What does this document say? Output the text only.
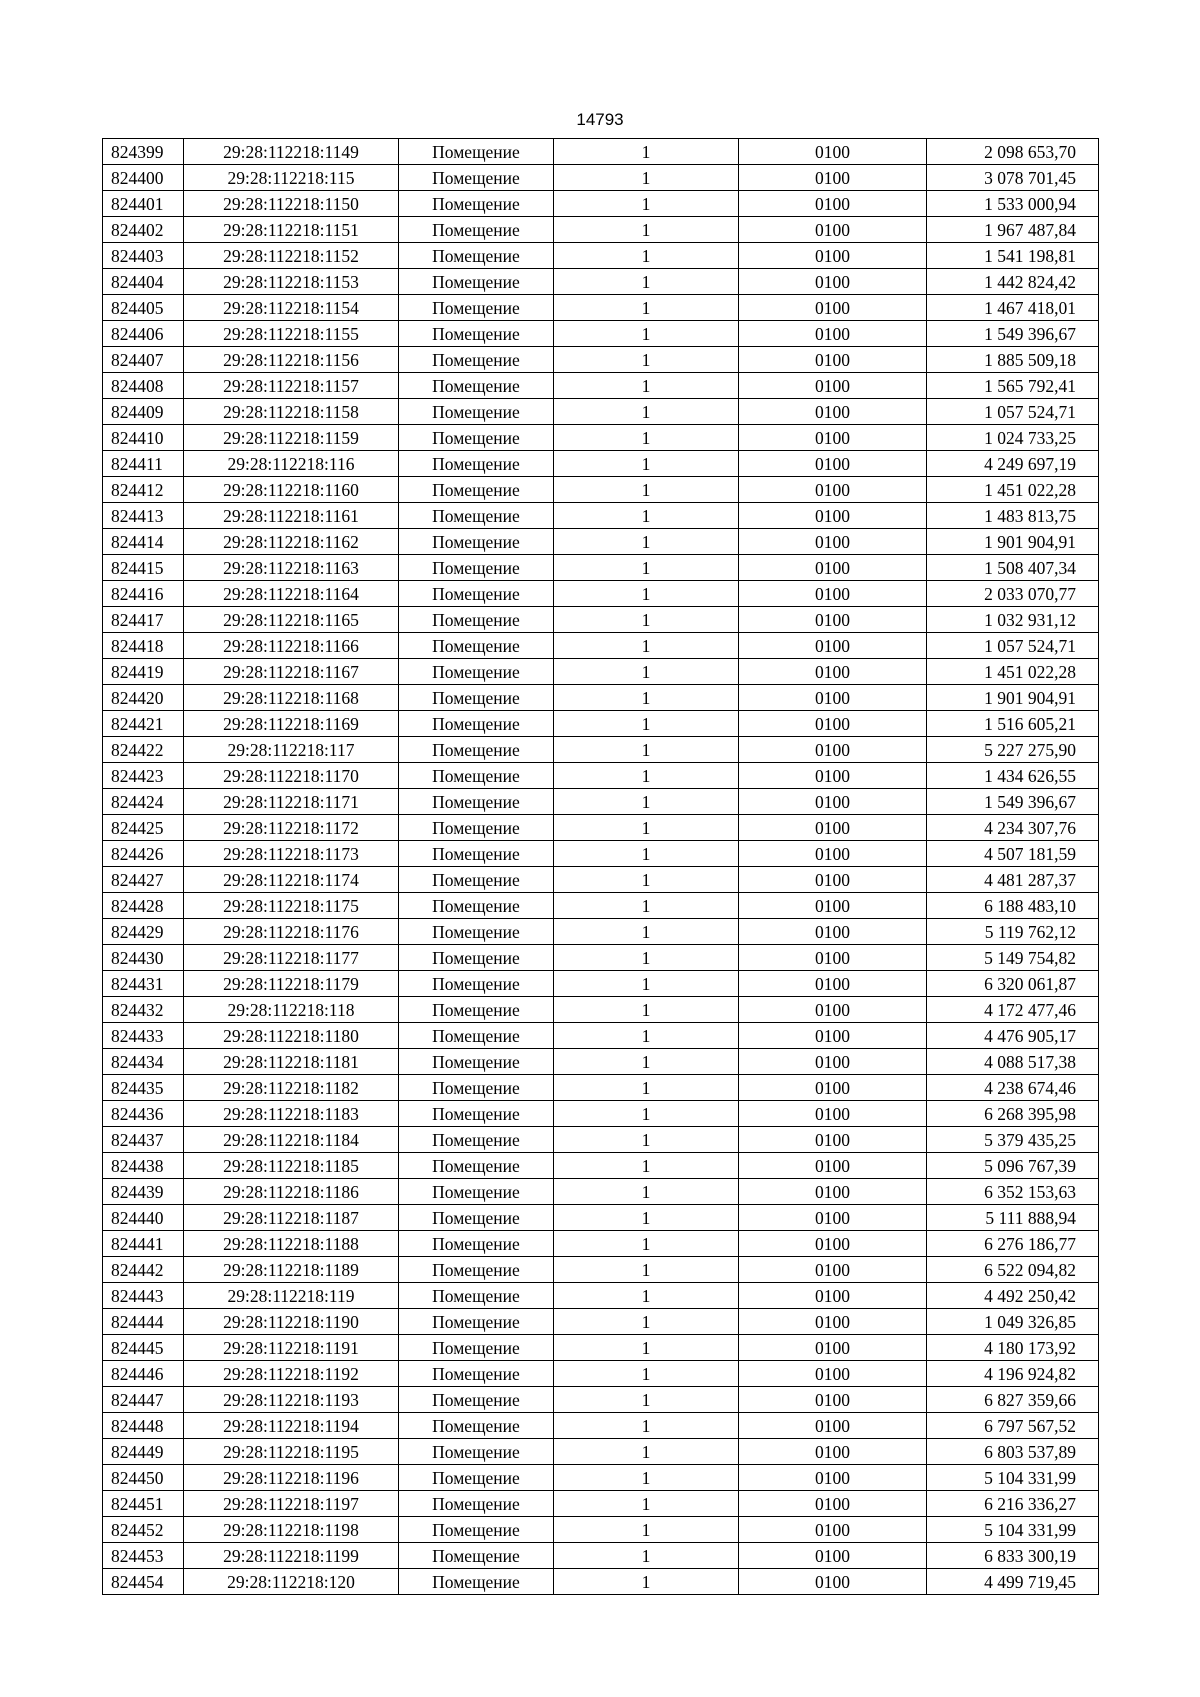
14793
824399	29:28:112218:1149	Помещение	1	0100	2 098 653,70
824400	29:28:112218:115	Помещение	1	0100	3 078 701,45
824401	29:28:112218:1150	Помещение	1	0100	1 533 000,94
824402	29:28:112218:1151	Помещение	1	0100	1 967 487,84
824403	29:28:112218:1152	Помещение	1	0100	1 541 198,81
824404	29:28:112218:1153	Помещение	1	0100	1 442 824,42
824405	29:28:112218:1154	Помещение	1	0100	1 467 418,01
824406	29:28:112218:1155	Помещение	1	0100	1 549 396,67
824407	29:28:112218:1156	Помещение	1	0100	1 885 509,18
824408	29:28:112218:1157	Помещение	1	0100	1 565 792,41
824409	29:28:112218:1158	Помещение	1	0100	1 057 524,71
824410	29:28:112218:1159	Помещение	1	0100	1 024 733,25
824411	29:28:112218:116	Помещение	1	0100	4 249 697,19
824412	29:28:112218:1160	Помещение	1	0100	1 451 022,28
824413	29:28:112218:1161	Помещение	1	0100	1 483 813,75
824414	29:28:112218:1162	Помещение	1	0100	1 901 904,91
824415	29:28:112218:1163	Помещение	1	0100	1 508 407,34
824416	29:28:112218:1164	Помещение	1	0100	2 033 070,77
824417	29:28:112218:1165	Помещение	1	0100	1 032 931,12
824418	29:28:112218:1166	Помещение	1	0100	1 057 524,71
824419	29:28:112218:1167	Помещение	1	0100	1 451 022,28
824420	29:28:112218:1168	Помещение	1	0100	1 901 904,91
824421	29:28:112218:1169	Помещение	1	0100	1 516 605,21
824422	29:28:112218:117	Помещение	1	0100	5 227 275,90
824423	29:28:112218:1170	Помещение	1	0100	1 434 626,55
824424	29:28:112218:1171	Помещение	1	0100	1 549 396,67
824425	29:28:112218:1172	Помещение	1	0100	4 234 307,76
824426	29:28:112218:1173	Помещение	1	0100	4 507 181,59
824427	29:28:112218:1174	Помещение	1	0100	4 481 287,37
824428	29:28:112218:1175	Помещение	1	0100	6 188 483,10
824429	29:28:112218:1176	Помещение	1	0100	5 119 762,12
824430	29:28:112218:1177	Помещение	1	0100	5 149 754,82
824431	29:28:112218:1179	Помещение	1	0100	6 320 061,87
824432	29:28:112218:118	Помещение	1	0100	4 172 477,46
824433	29:28:112218:1180	Помещение	1	0100	4 476 905,17
824434	29:28:112218:1181	Помещение	1	0100	4 088 517,38
824435	29:28:112218:1182	Помещение	1	0100	4 238 674,46
824436	29:28:112218:1183	Помещение	1	0100	6 268 395,98
824437	29:28:112218:1184	Помещение	1	0100	5 379 435,25
824438	29:28:112218:1185	Помещение	1	0100	5 096 767,39
824439	29:28:112218:1186	Помещение	1	0100	6 352 153,63
824440	29:28:112218:1187	Помещение	1	0100	5 111 888,94
824441	29:28:112218:1188	Помещение	1	0100	6 276 186,77
824442	29:28:112218:1189	Помещение	1	0100	6 522 094,82
824443	29:28:112218:119	Помещение	1	0100	4 492 250,42
824444	29:28:112218:1190	Помещение	1	0100	1 049 326,85
824445	29:28:112218:1191	Помещение	1	0100	4 180 173,92
824446	29:28:112218:1192	Помещение	1	0100	4 196 924,82
824447	29:28:112218:1193	Помещение	1	0100	6 827 359,66
824448	29:28:112218:1194	Помещение	1	0100	6 797 567,52
824449	29:28:112218:1195	Помещение	1	0100	6 803 537,89
824450	29:28:112218:1196	Помещение	1	0100	5 104 331,99
824451	29:28:112218:1197	Помещение	1	0100	6 216 336,27
824452	29:28:112218:1198	Помещение	1	0100	5 104 331,99
824453	29:28:112218:1199	Помещение	1	0100	6 833 300,19
824454	29:28:112218:120	Помещение	1	0100	4 499 719,45
